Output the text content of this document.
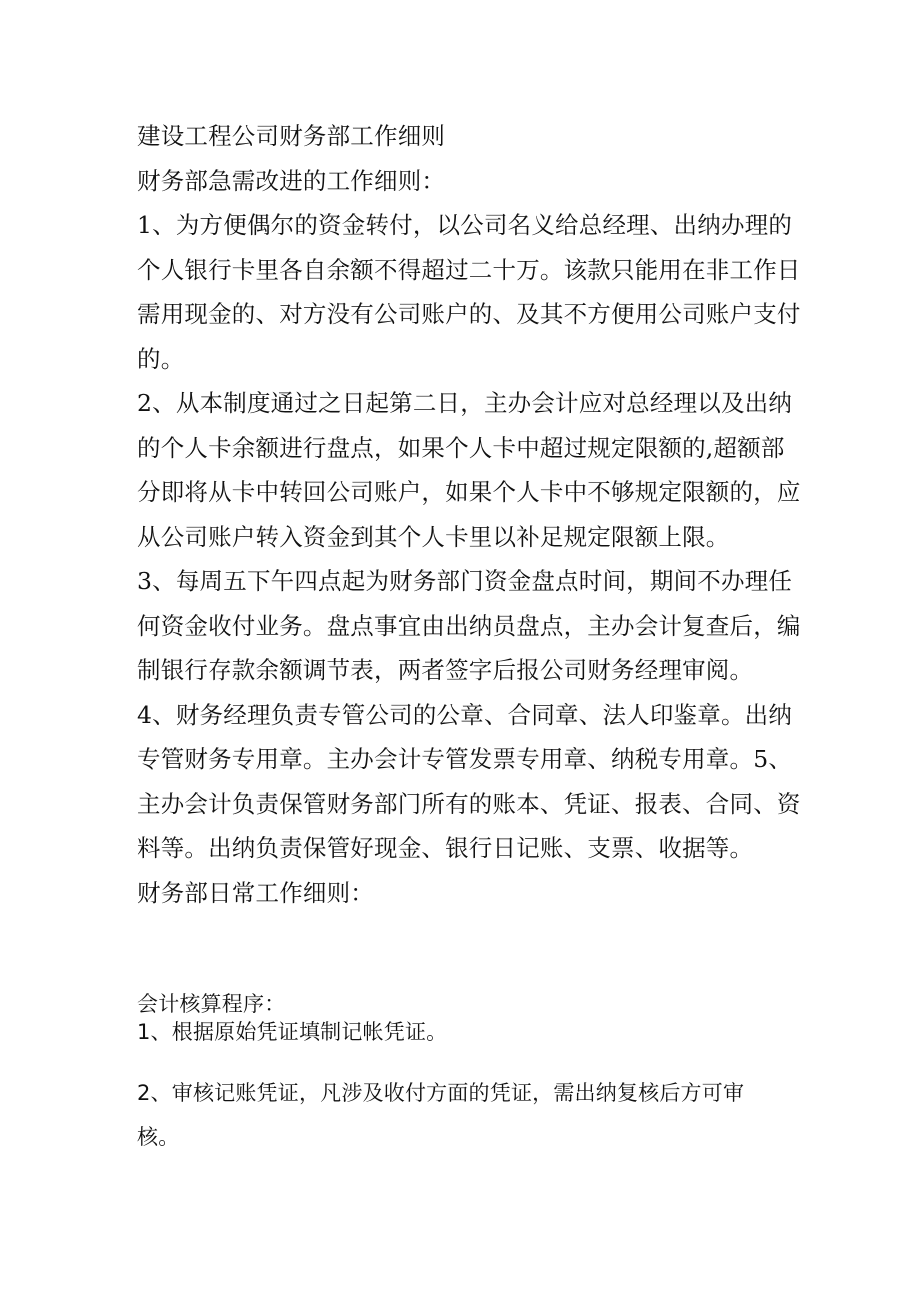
建设工程公司财务部工作细则
财务部急需改进的工作细则：
1、为方便偶尔的资金转付，以公司名义给总经理、出纳办理的
个人银行卡里各自余额不得超过二十万。该款只能用在非工作日
需用现金的、对方没有公司账户的、及其不方便用公司账户支付
的。
2、从本制度通过之日起第二日，主办会计应对总经理以及出纳
的个人卡余额进行盘点，如果个人卡中超过规定限额的,超额部
分即将从卡中转回公司账户，如果个人卡中不够规定限额的，应
从公司账户转入资金到其个人卡里以补足规定限额上限。
3、每周五下午四点起为财务部门资金盘点时间，期间不办理任
何资金收付业务。盘点事宜由出纳员盘点，主办会计复查后，编
制银行存款余额调节表，两者签字后报公司财务经理审阅。
4、财务经理负责专管公司的公章、合同章、法人印鉴章。出纳
专管财务专用章。主办会计专管发票专用章、纳税专用章。5、
主办会计负责保管财务部门所有的账本、凭证、报表、合同、资
料等。出纳负责保管好现金、银行日记账、支票、收据等。
财务部日常工作细则：
会计核算程序：
1、根据原始凭证填制记帐凭证。
2、审核记账凭证，凡涉及收付方面的凭证，需出纳复核后方可审
核。
